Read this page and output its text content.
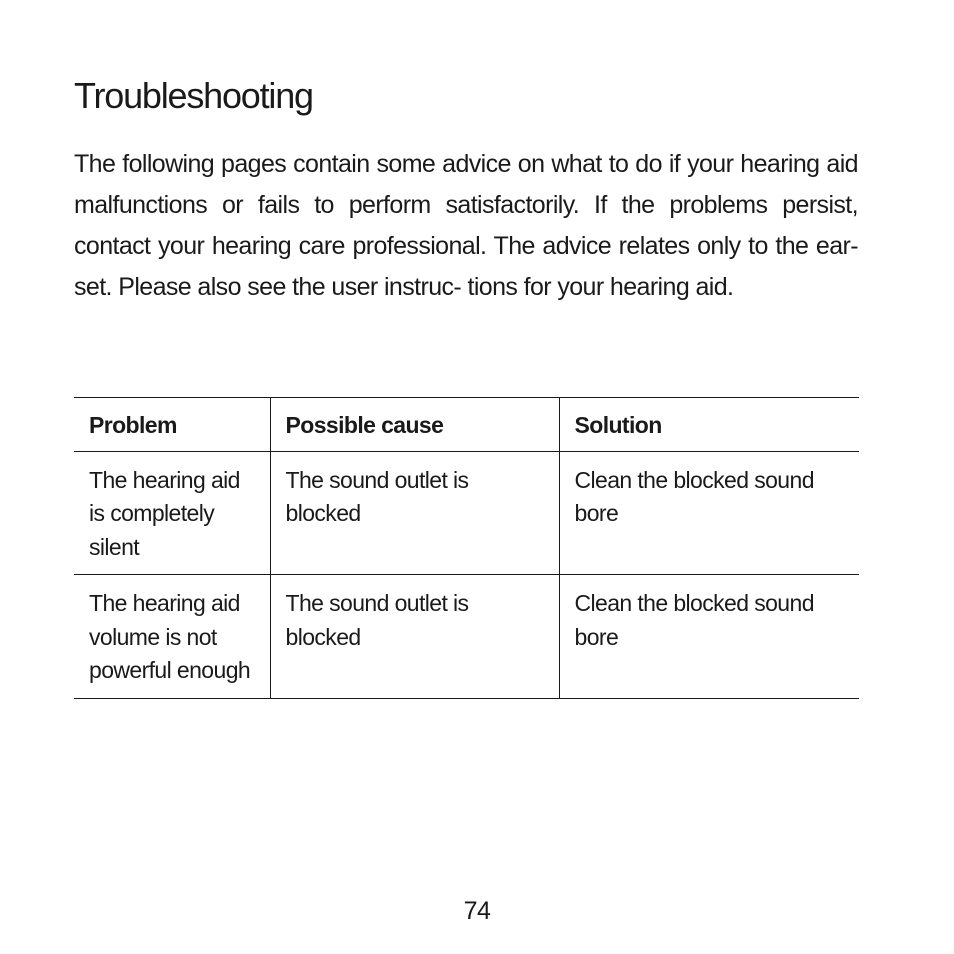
Troubleshooting

The following pages contain some advice on what to do if your hearing aid malfunctions or fails to perform satisfactorily. If the problems persist, contact your hearing care professional. The advice relates only to the ear-set. Please also see the user instruc- tions for your hearing aid.

Problem	Possible cause	Solution
The hearing aid is completely silent	The sound outlet is blocked	Clean the blocked sound bore
The hearing aid volume is not powerful enough	The sound outlet is blocked	Clean the blocked sound bore
74
